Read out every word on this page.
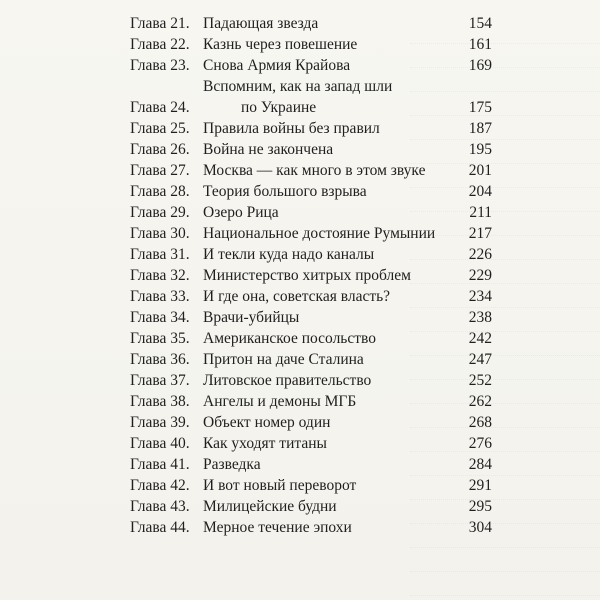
Глава 21. Падающая звезда	154
Глава 22. Казнь через повешение	161
Глава 23. Снова Армия Крайова	169
Глава 24.
Вспомним, как на запад шли
по Украине	175
Глава 25. Правила войны без правил	187
Глава 26. Война не закончена	195
Глава 27. Москва — как много в этом звуке	201
Глава 28. Теория большого взрыва	204
Глава 29. Озеро Рица	211
Глава 30. Национальное достояние Румынии	217
Глава 31. И текли куда надо каналы	226
Глава 32. Министерство хитрых проблем	229
Глава 33. И где она, советская власть?	234
Глава 34. Врачи-убийцы	238
Глава 35. Американское посольство	242
Глава 36. Притон на даче Сталина	247
Глава 37. Литовское правительство	252
Глава 38. Ангелы и демоны МГБ	262
Глава 39. Объект номер один	268
Глава 40. Как уходят титаны	276
Глава 41. Разведка	284
Глава 42. И вот новый переворот	291
Глава 43. Милицейские будни	295
Глава 44. Мерное течение эпохи	304
